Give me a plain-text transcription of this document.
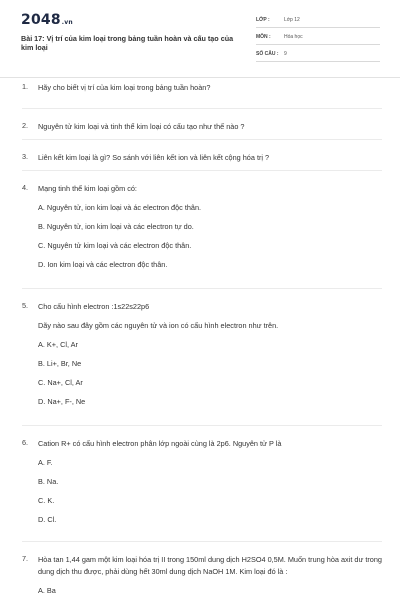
2048.vn
Bài 17: Vị trí của kim loại trong bảng tuần hoàn và cấu tạo của kim loại
LỚP :	Lớp 12
MÔN :	Hóa học
SỐ CÂU : 9
1. Hãy cho biết vị trí của kim loại trong bảng tuần hoàn?
2. Nguyên tử kim loại và tinh thể kim loại có cấu tạo như thế nào ?
3. Liên kết kim loại là gì? So sánh với liên kết ion và liên kết cộng hóa trị ?
4. Mạng tinh thể kim loại gồm có:
A. Nguyên tử, ion kim loại và ác electron độc thân.
B. Nguyên tử, ion kim loại và các electron tự do.
C. Nguyên tử kim loại và các electron độc thân.
D. Ion kim loại và các electron độc thân.
5. Cho cấu hình electron :1s22s22p6
Dãy nào sau đây gồm các nguyên tử và ion có cấu hình electron như trên.
A. K+, Cl, Ar
B. Li+, Br, Ne
C. Na+, Cl, Ar
D. Na+, F-, Ne
6. Cation R+ có cấu hình electron phân lớp ngoài cùng là 2p6. Nguyên tử P là
A. F.
B. Na.
C. K.
D. Cl.
7. Hòa tan 1,44 gam một kim loại hóa trị II trong 150ml dung dịch H2SO4 0,5M. Muốn trung hòa axit dư trong dung dịch thu được, phải dùng hết 30ml dung dịch NaOH 1M. Kim loại đó là :
A. Ba
